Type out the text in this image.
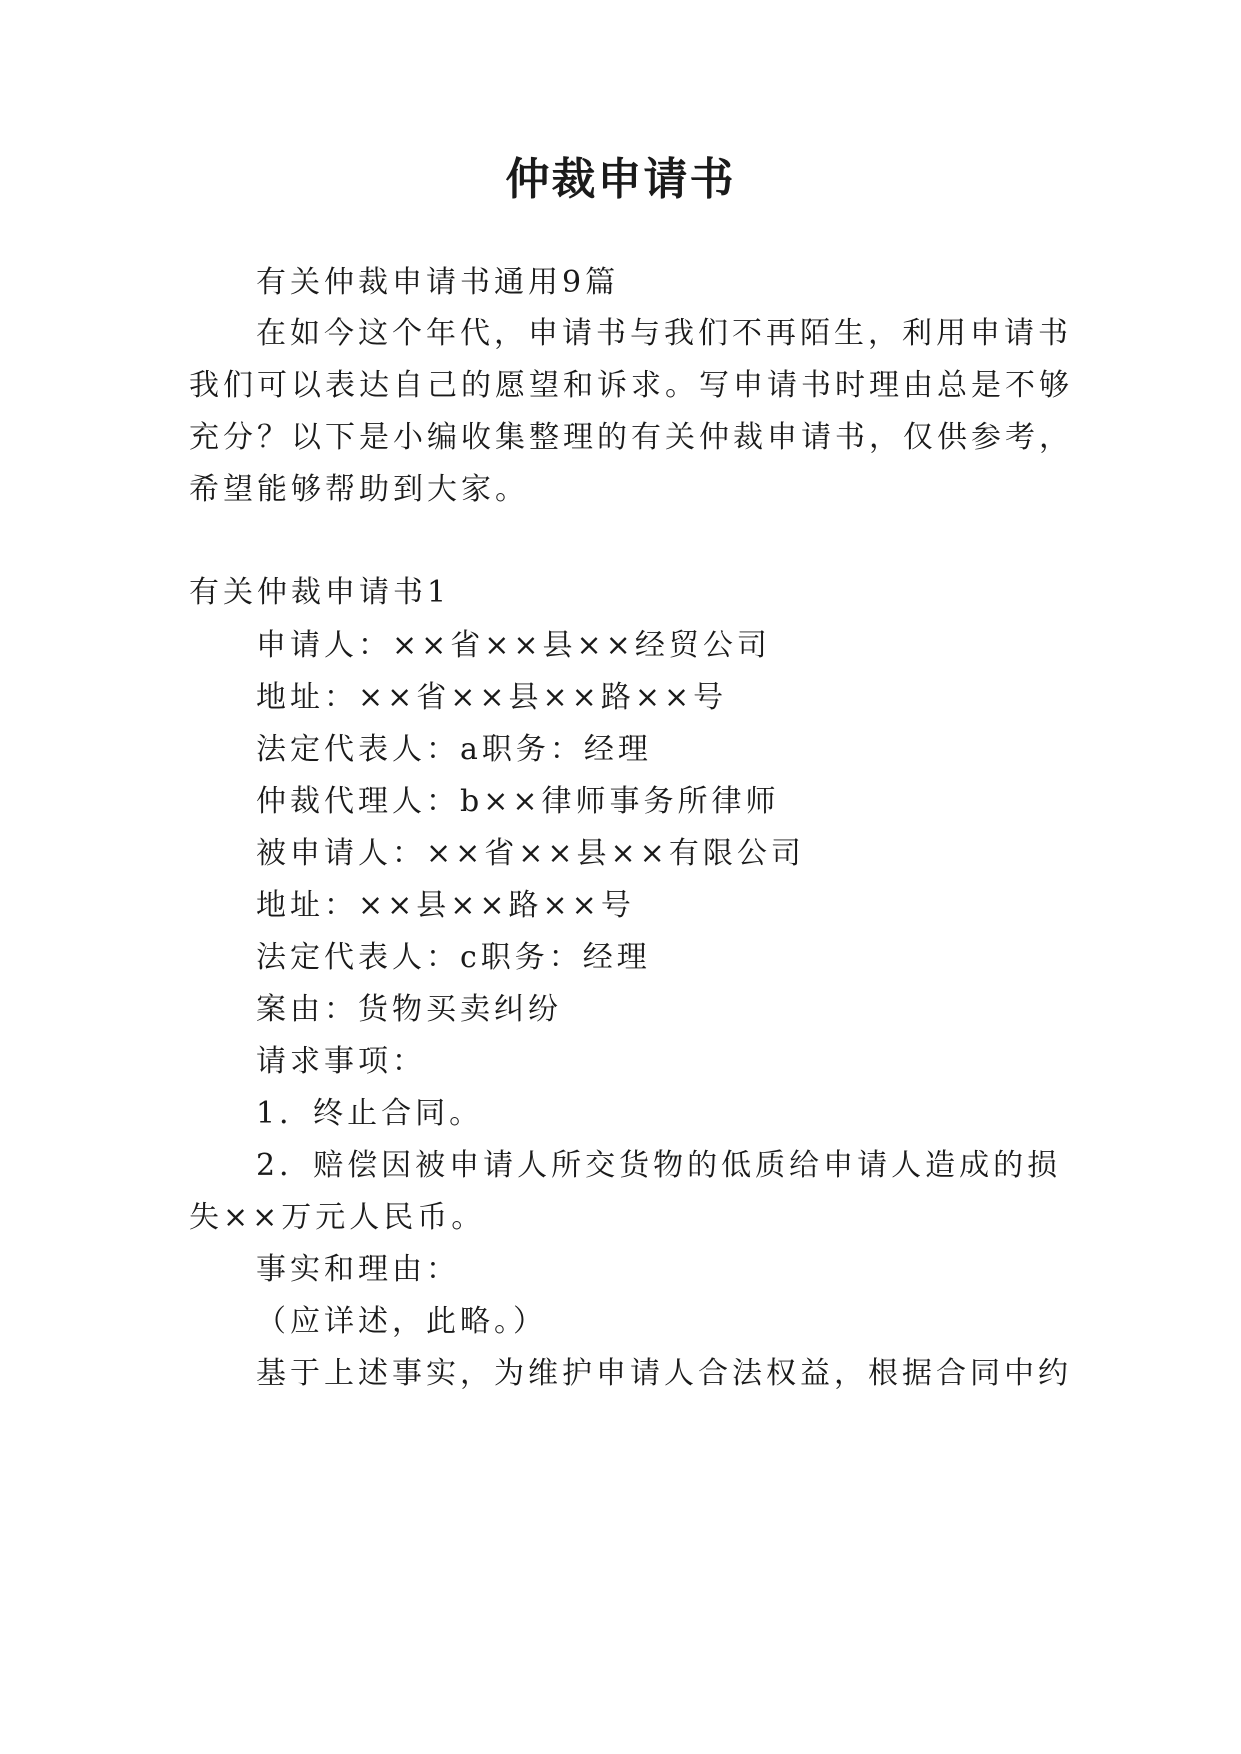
仲裁申请书
有关仲裁申请书通用9篇
在如今这个年代，申请书与我们不再陌生，利用申请书
我们可以表达自己的愿望和诉求。写申请书时理由总是不够
充分？以下是小编收集整理的有关仲裁申请书，仅供参考，
希望能够帮助到大家。
有关仲裁申请书1
申请人：××省××县××经贸公司
地址：××省××县××路××号
法定代表人：a职务：经理
仲裁代理人：b××律师事务所律师
被申请人：××省××县××有限公司
地址：××县××路××号
法定代表人：c职务：经理
案由：货物买卖纠纷
请求事项：
1．终止合同。
2．赔偿因被申请人所交货物的低质给申请人造成的损
失××万元人民币。
事实和理由：
（应详述，此略。）
基于上述事实，为维护申请人合法权益，根据合同中约
